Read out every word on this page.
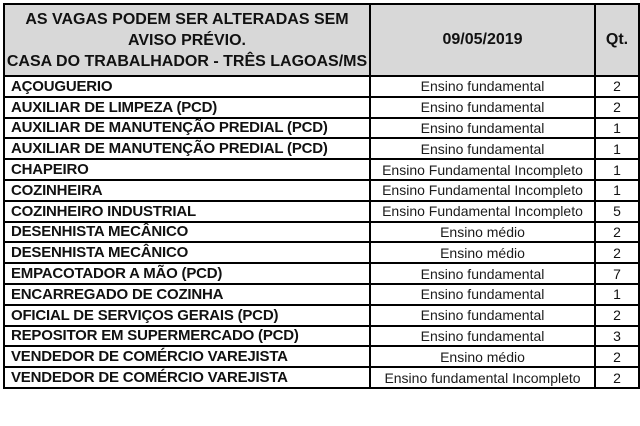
AS VAGAS PODEM SER ALTERADAS SEM
AVISO PRÉVIO.
CASA DO TRABALHADOR - TRÊS LAGOAS/MS	09/05/2019	Qt.
AÇOUGUERIO	Ensino fundamental	2
AUXILIAR DE LIMPEZA (PCD)	Ensino fundamental	2
AUXILIAR DE MANUTENÇÃO PREDIAL (PCD)	Ensino fundamental	1
AUXILIAR DE MANUTENÇÃO PREDIAL (PCD)	Ensino fundamental	1
CHAPEIRO	Ensino Fundamental Incompleto	1
COZINHEIRA	Ensino Fundamental Incompleto	1
COZINHEIRO INDUSTRIAL	Ensino Fundamental Incompleto	5
DESENHISTA MECÂNICO	Ensino médio	2
DESENHISTA MECÂNICO	Ensino médio	2
EMPACOTADOR A MÃO (PCD)	Ensino fundamental	7
ENCARREGADO DE COZINHA	Ensino fundamental	1
OFICIAL DE SERVIÇOS GERAIS (PCD)	Ensino fundamental	2
REPOSITOR EM SUPERMERCADO (PCD)	Ensino fundamental	3
VENDEDOR DE COMÉRCIO VAREJISTA	Ensino médio	2
VENDEDOR DE COMÉRCIO VAREJISTA	Ensino fundamental Incompleto	2
